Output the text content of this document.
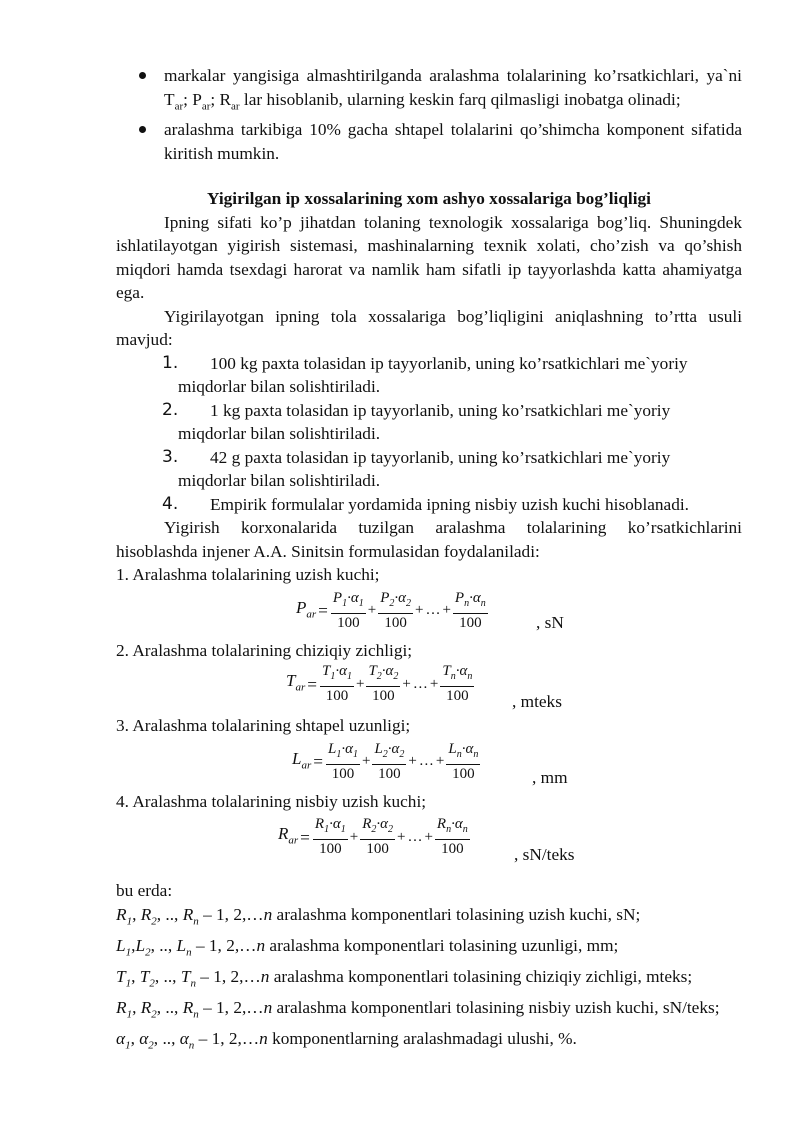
markalar yangisiga almashtirilganda aralashma tolalarining ko’rsatkichlari, ya`ni $T_{ar}$; $P_{ar}$; $R_{ar}$ lar hisoblanib, ularning keskin farq qilmasligi inobatga olinadi;

aralashma tarkibiga 10% gacha shtapel tolalarini qo’shimcha komponent sifatida kiritish mumkin.

Yigirilgan ip xossalarining xom ashyo xossalariga bog’liqligi

Ipning sifati ko’p jihatdan tolaning texnologik xossalariga bog’liq. Shuningdek ishlatilayotgan yigirish sistemasi, mashinalarning texnik xolati, cho’zish va qo’shish miqdori hamda tsexdagi harorat va namlik ham sifatli ip tayyorlashda katta ahamiyatga ega.

Yigirilayotgan ipning tola xossalariga bog’liqligini aniqlashning to’rtta usuli mavjud:

1.	100 kg paxta tolasidan ip tayyorlanib, uning ko’rsatkichlari me`yoriy
miqdorlar bilan solishtiriladi.

2.	1 kg paxta tolasidan ip tayyorlanib, uning ko’rsatkichlari me`yoriy
miqdorlar bilan solishtiriladi.

3.	42 g paxta tolasidan ip tayyorlanib, uning ko’rsatkichlari me`yoriy
miqdorlar bilan solishtiriladi.

4.	Empirik formulalar yordamida ipning nisbiy uzish kuchi hisoblanadi.

Yigirish korxonalarida tuzilgan aralashma tolalarining ko’rsatkichlarini hisoblashda injener A.A. Sinitsin formulasidan foydalaniladi:

1. Aralashma tolalarining uzish kuchi;

$P_{ar} = \frac{P_1\cdot\alpha_1}{100} + \frac{P_2\cdot\alpha_2}{100}$ + … + $\frac{P_n\cdot\alpha_n}{100}$	, sN

2. Aralashma tolalarining chiziqiy zichligi;

$T_{ar} = \frac{T_1\cdot\alpha_1}{100} + \frac{T_2\cdot\alpha_2}{100}$ + … + $\frac{T_n\cdot\alpha_n}{100}$ , mteks

3. Aralashma tolalarining shtapel uzunligi;

$L_{ar} = \frac{L_1\cdot\alpha_1}{100} + \frac{L_2\cdot\alpha_2}{100}$ + … + $\frac{L_n\cdot\alpha_n}{100}$	, mm

4. Aralashma tolalarining nisbiy uzish kuchi;

$R_{ar} = \frac{R_1\cdot\alpha_1}{100} + \frac{R_2\cdot\alpha_2}{100}$ + … + $\frac{R_n\cdot\alpha_n}{100}$	, sN/teks

bu erda:

$R_1$, $R_2$, .., $R_n - 1$, 2,…n aralashma komponentlari tolasining uzish kuchi, sN;

$L_1,L_2$, .., $L_n - 1$, 2,…n aralashma komponentlari tolasining uzunligi, mm;

$T_1$, $T_2$, .., $T_n - 1$, 2,…n aralashma komponentlari tolasining chiziqiy zichligi, mteks;

$R_1$, $R_2$, .., $R_n - 1$, 2,…n aralashma komponentlari tolasining nisbiy uzish kuchi, sN/teks;

$\alpha_1$, $\alpha_2$, .., $\alpha_n - 1$, 2,…n komponentlarning aralashmadagi ulushi, %.
